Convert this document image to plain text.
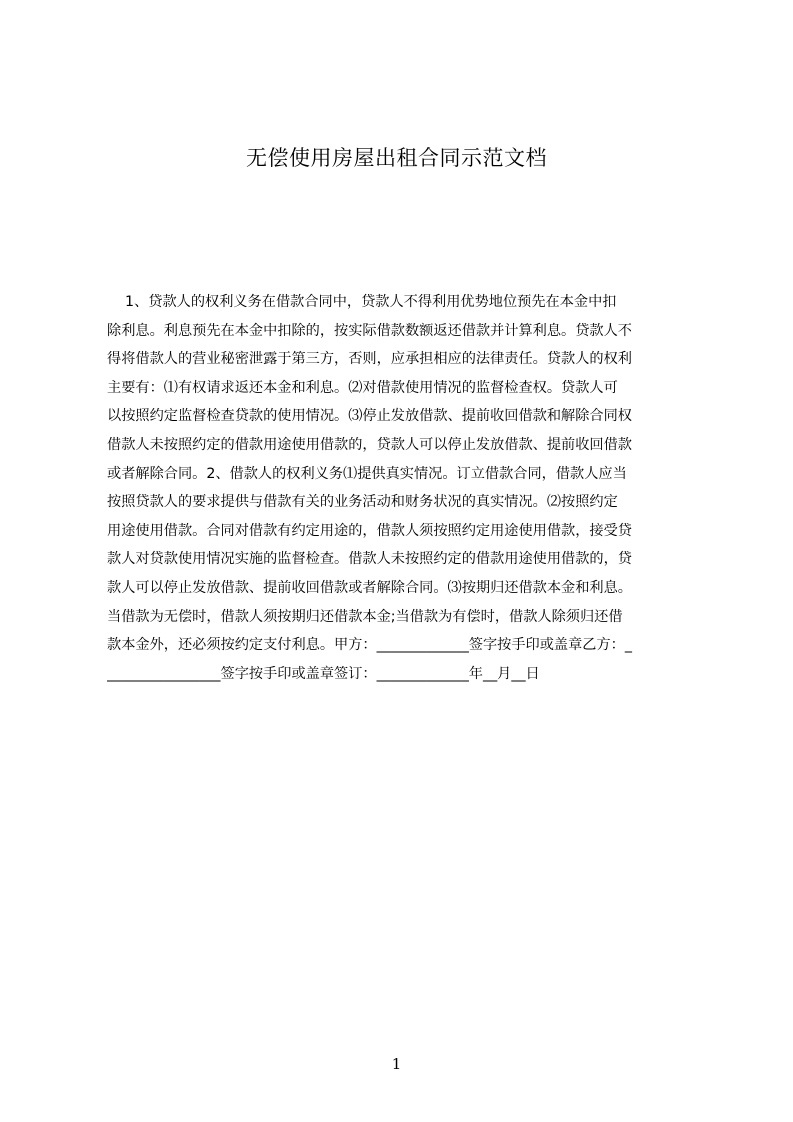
无偿使用房屋出租合同示范文档
1、贷款人的权利义务在借款合同中，贷款人不得利用优势地位预先在本金中扣
除利息。利息预先在本金中扣除的，按实际借款数额返还借款并计算利息。贷款人不
得将借款人的营业秘密泄露于第三方，否则，应承担相应的法律责任。贷款人的权利
主要有：⑴有权请求返还本金和利息。⑵对借款使用情况的监督检查权。贷款人可
以按照约定监督检查贷款的使用情况。⑶停止发放借款、提前收回借款和解除合同权
借款人未按照约定的借款用途使用借款的，贷款人可以停止发放借款、提前收回借款
或者解除合同。2、借款人的权利义务⑴提供真实情况。订立借款合同，借款人应当
按照贷款人的要求提供与借款有关的业务活动和财务状况的真实情况。⑵按照约定
用途使用借款。合同对借款有约定用途的，借款人须按照约定用途使用借款，接受贷
款人对贷款使用情况实施的监督检查。借款人未按照约定的借款用途使用借款的，贷
款人可以停止发放借款、提前收回借款或者解除合同。⑶按期归还借款本金和利息。
当借款为无偿时，借款人须按期归还借款本金;当借款为有偿时，借款人除须归还借
款本金外，还必须按约定支付利息。甲方：_____________签字按手印或盖章乙方：_
________________签字按手印或盖章签订：_____________年__月__日
1
